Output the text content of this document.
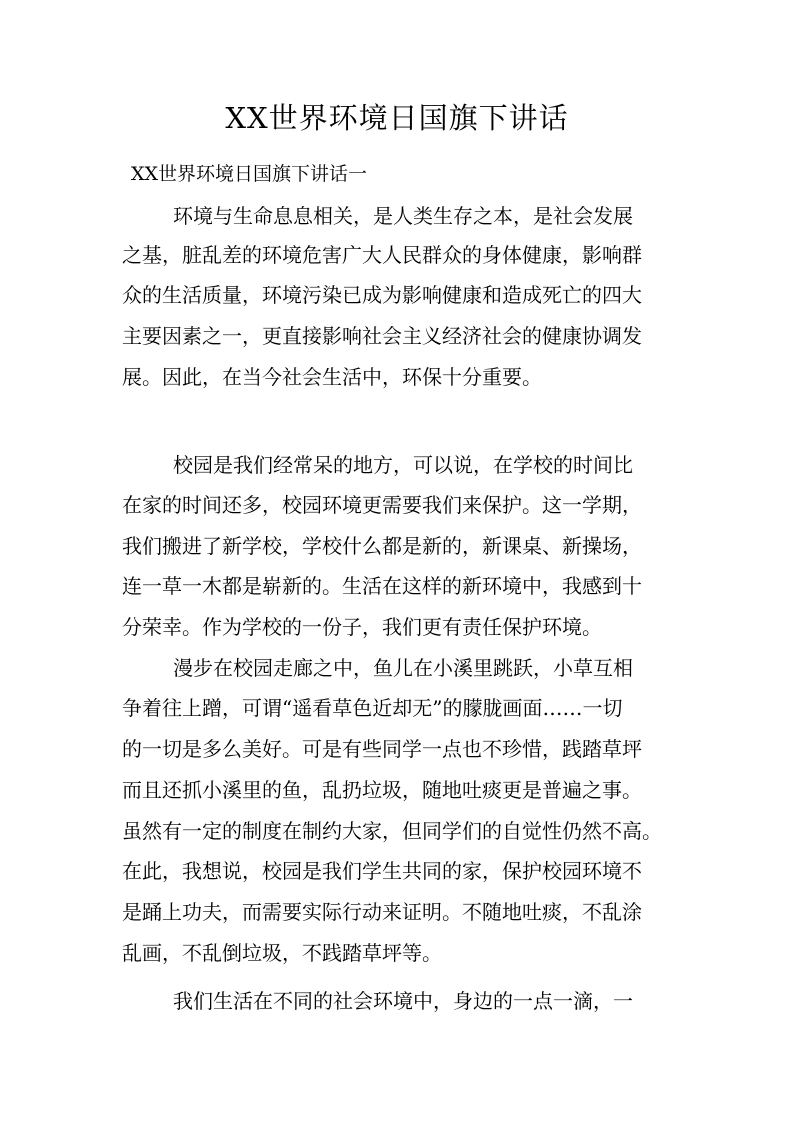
XX世界环境日国旗下讲话

XX世界环境日国旗下讲话一

环境与生命息息相关，是人类生存之本，是社会发展

之基，脏乱差的环境危害广大人民群众的身体健康，影响群

众的生活质量，环境污染已成为影响健康和造成死亡的四大

主要因素之一，更直接影响社会主义经济社会的健康协调发

展。因此，在当今社会生活中，环保十分重要。

校园是我们经常呆的地方，可以说，在学校的时间比

在家的时间还多，校园环境更需要我们来保护。这一学期，

我们搬进了新学校，学校什么都是新的，新课桌、新操场，

连一草一木都是崭新的。生活在这样的新环境中，我感到十

分荣幸。作为学校的一份子，我们更有责任保护环境。

漫步在校园走廊之中，鱼儿在小溪里跳跃，小草互相

争着往上蹭，可谓“遥看草色近却无”的朦胧画面……一切

的一切是多么美好。可是有些同学一点也不珍惜，践踏草坪

而且还抓小溪里的鱼，乱扔垃圾，随地吐痰更是普遍之事。

虽然有一定的制度在制约大家，但同学们的自觉性仍然不高。

在此，我想说，校园是我们学生共同的家，保护校园环境不

是踊上功夫，而需要实际行动来证明。不随地吐痰，不乱涂

乱画，不乱倒垃圾，不践踏草坪等。

我们生活在不同的社会环境中，身边的一点一滴，一
